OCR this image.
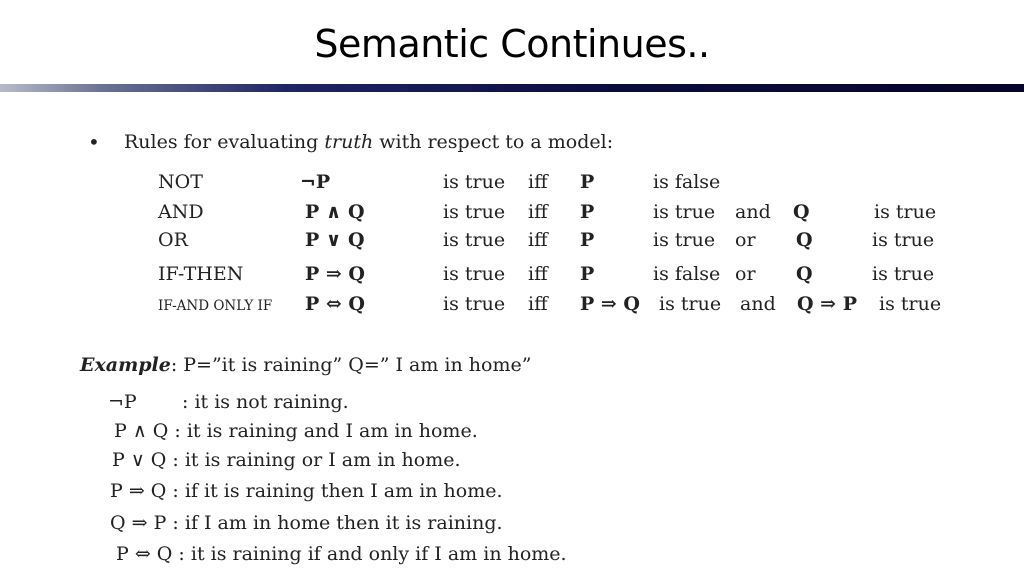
Semantic Continues..
• Rules for evaluating truth with respect to a model:
NOT	¬P	is true iff P	is false
AND	P ∧ Q	is true iff P	is true and Q	is true
OR	P ∨ Q	is true iff P	is true or Q	is true
IF-THEN	P ⇒ Q	is true iff P	is false or Q	is true
IF-AND ONLY IF P ⇔ Q	is true iff P ⇒ Q is true and Q ⇒ P is true
Example: P=”it is raining” Q=” I am in home”
¬P : it is not raining.
P ∧ Q : it is raining and I am in home.
P ∨ Q : it is raining or I am in home.
P ⇒ Q : if it is raining then I am in home.
Q ⇒ P : if I am in home then it is raining.
P ⇔ Q : it is raining if and only if I am in home.
